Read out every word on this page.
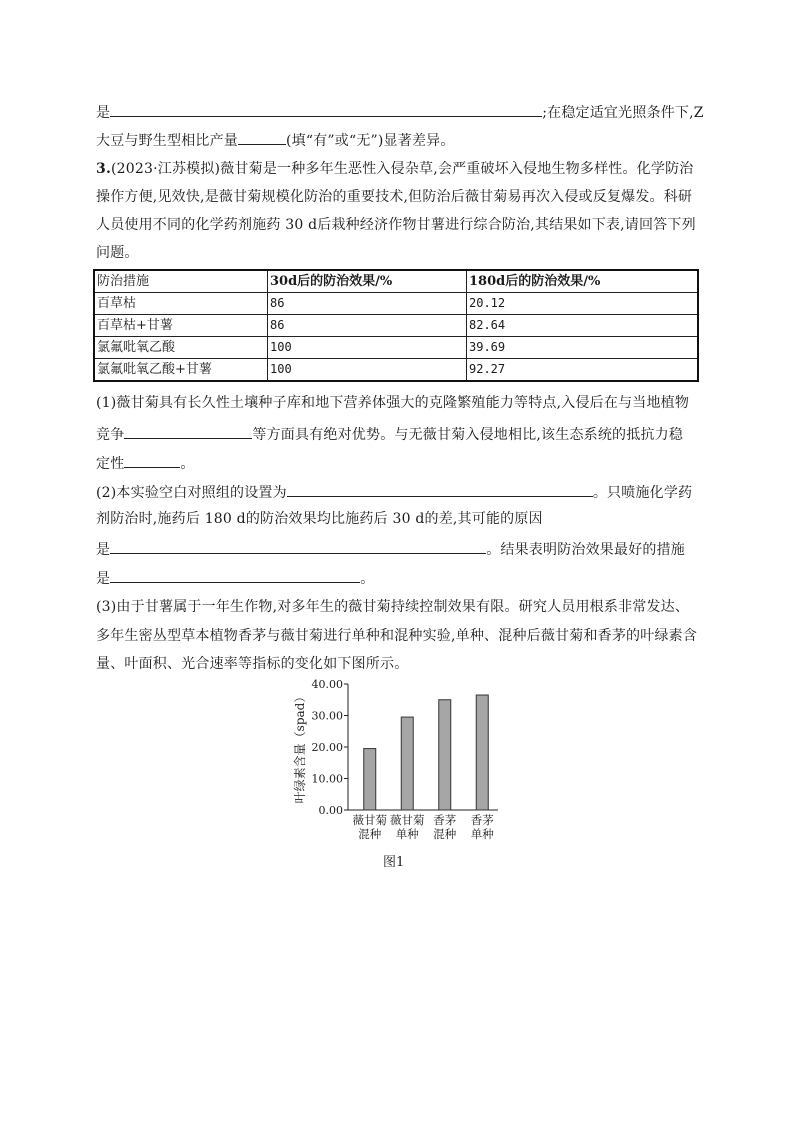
是	;在稳定适宜光照条件下,Z
大豆与野生型相比产量	(填“有”或“无”)显著差异。
3.(2023·江苏模拟)薇甘菊是一种多年生恶性入侵杂草,会严重破坏入侵地生物多样性。化学防治
操作方便,见效快,是薇甘菊规模化防治的重要技术,但防治后薇甘菊易再次入侵或反复爆发。科研
人员使用不同的化学药剂施药 30 d后栽种经济作物甘薯进行综合防治,其结果如下表,请回答下列
问题。
防治措施	30d后的防治效果/%	180d后的防治效果/%
百草枯	86	20.12
百草枯+甘薯	86	82.64
氯氟吡氧乙酸	100	39.69
氯氟吡氧乙酸+甘薯	100	92.27
(1)薇甘菊具有长久性土壤种子库和地下营养体强大的克隆繁殖能力等特点,入侵后在与当地植物
竞争	等方面具有绝对优势。与无薇甘菊入侵地相比,该生态系统的抵抗力稳
定性	。
(2)本实验空白对照组的设置为	。只喷施化学药
剂防治时,施药后 180 d的防治效果均比施药后 30 d的差,其可能的原因
是	。结果表明防治效果最好的措施
是	。
(3)由于甘薯属于一年生作物,对多年生的薇甘菊持续控制效果有限。研究人员用根系非常发达、
多年生密丛型草本植物香茅与薇甘菊进行单种和混种实验,单种、混种后薇甘菊和香茅的叶绿素含
量、叶面积、光合速率等指标的变化如下图所示。
0.00
10.00
20.00
30.00
40.00
叶绿素含量（spad）
薇甘菊
混种
薇甘菊
单种
香茅
混种
香茅
单种
图1
